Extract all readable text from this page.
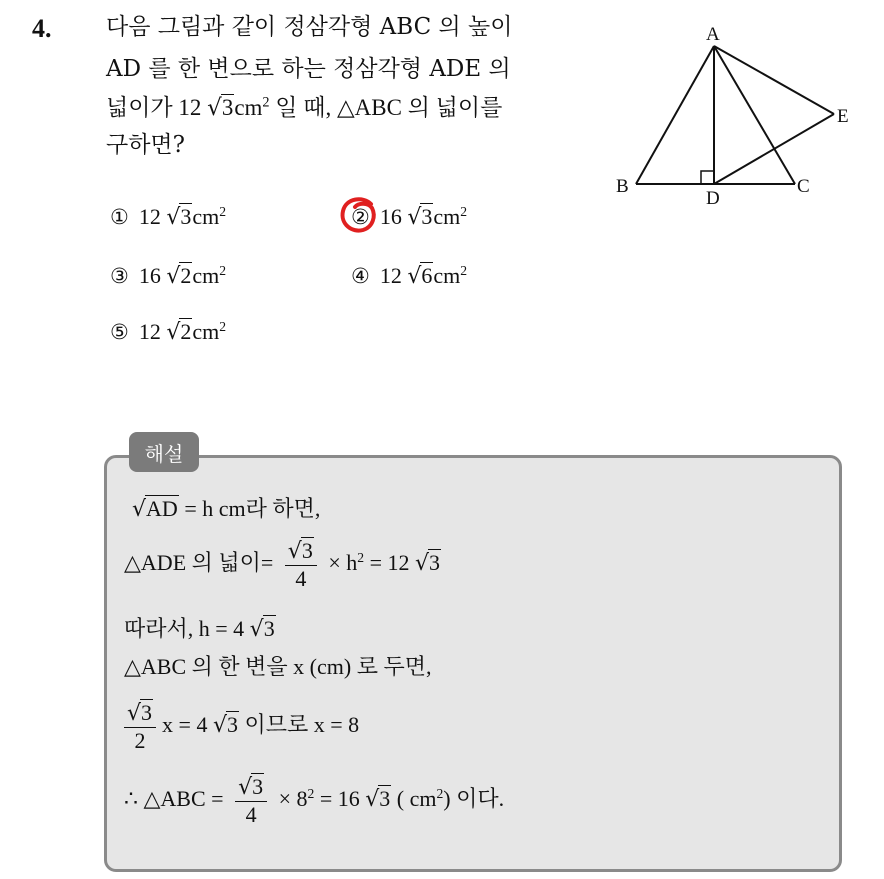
4. 다음 그림과 같이 정삼각형 ABC 의 높이
AD 를 한 변으로 하는 정삼각형 ADE 의
넓이가 12 $√3cm^2$ 일 때, △ABC 의 넓이를
구하면?
A
B	C
D
E
① 12 $√3cm^2$	② 16 $√3cm^2$
③ 16 $√2cm^2$	④ 12 $√6cm^2$
⑤ 12 $√2cm^2$
해설
√AD = h cm라 하면,
△ADE 의 넓이= $\frac{√3}{4} \times h^2 = 12$ √3
따라서, h = 4 √3
△ABC 의 한 변을 x (cm) 로 두면,
$\frac{√3}{2}$ x = 4 √3 이므로 x = 8
∴ △ABC = $\frac{√3}{4} \times 8^2 = 16$ √3 ( $cm^2$) 이다.
